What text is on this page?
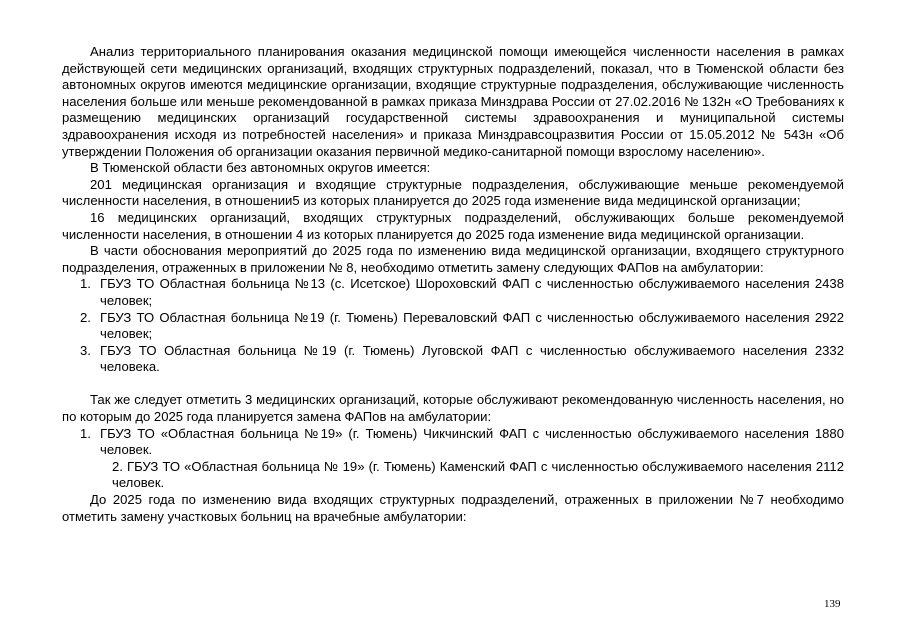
Анализ территориального планирования оказания медицинской помощи имеющейся численности населения в рамках действующей сети медицинских организаций, входящих структурных подразделений, показал, что в Тюменской области без автономных округов имеются медицинские организации, входящие структурные подразделения, обслуживающие численность населения больше или меньше рекомендованной в рамках приказа Минздрава России от 27.02.2016 № 132н «О Требованиях к размещению медицинских организаций государственной системы здравоохранения и муниципальной системы здравоохранения исходя из потребностей населения» и приказа Минздравсоцразвития России от 15.05.2012 № 543н «Об утверждении Положения об организации оказания первичной медико-санитарной помощи взрослому населению».

В Тюменской области без автономных округов имеется:

201 медицинская организация и входящие структурные подразделения, обслуживающие меньше рекомендуемой численности населения, в отношении5 из которых планируется до 2025 года изменение вида медицинской организации;

16 медицинских организаций, входящих структурных подразделений, обслуживающих больше рекомендуемой численности населения, в отношении 4 из которых планируется до 2025 года изменение вида медицинской организации.

В части обоснования мероприятий до 2025 года по изменению вида медицинской организации, входящего структурного подразделения, отраженных в приложении № 8, необходимо отметить замену следующих ФАПов на амбулатории:

1. ГБУЗ ТО Областная больница №13 (с. Исетское) Шороховский ФАП с численностью обслуживаемого населения 2438 человек;
2. ГБУЗ ТО Областная больница №19 (г. Тюмень) Переваловский ФАП с численностью обслуживаемого населения 2922 человек;
3. ГБУЗ ТО Областная больница №19 (г. Тюмень) Луговской ФАП с численностью обслуживаемого населения 2332 человека.

Так же следует отметить 3 медицинских организаций, которые обслуживают рекомендованную численность населения, но по которым до 2025 года планируется замена ФАПов на амбулатории:

1. ГБУЗ ТО «Областная больница №19» (г. Тюмень) Чикчинский ФАП с численностью обслуживаемого населения 1880 человек.
2. ГБУЗ ТО «Областная больница № 19» (г. Тюмень) Каменский ФАП с численностью обслуживаемого населения 2112 человек.

До 2025 года по изменению вида входящих структурных подразделений, отраженных в приложении №7 необходимо отметить замену участковых больниц на врачебные амбулатории:

139
